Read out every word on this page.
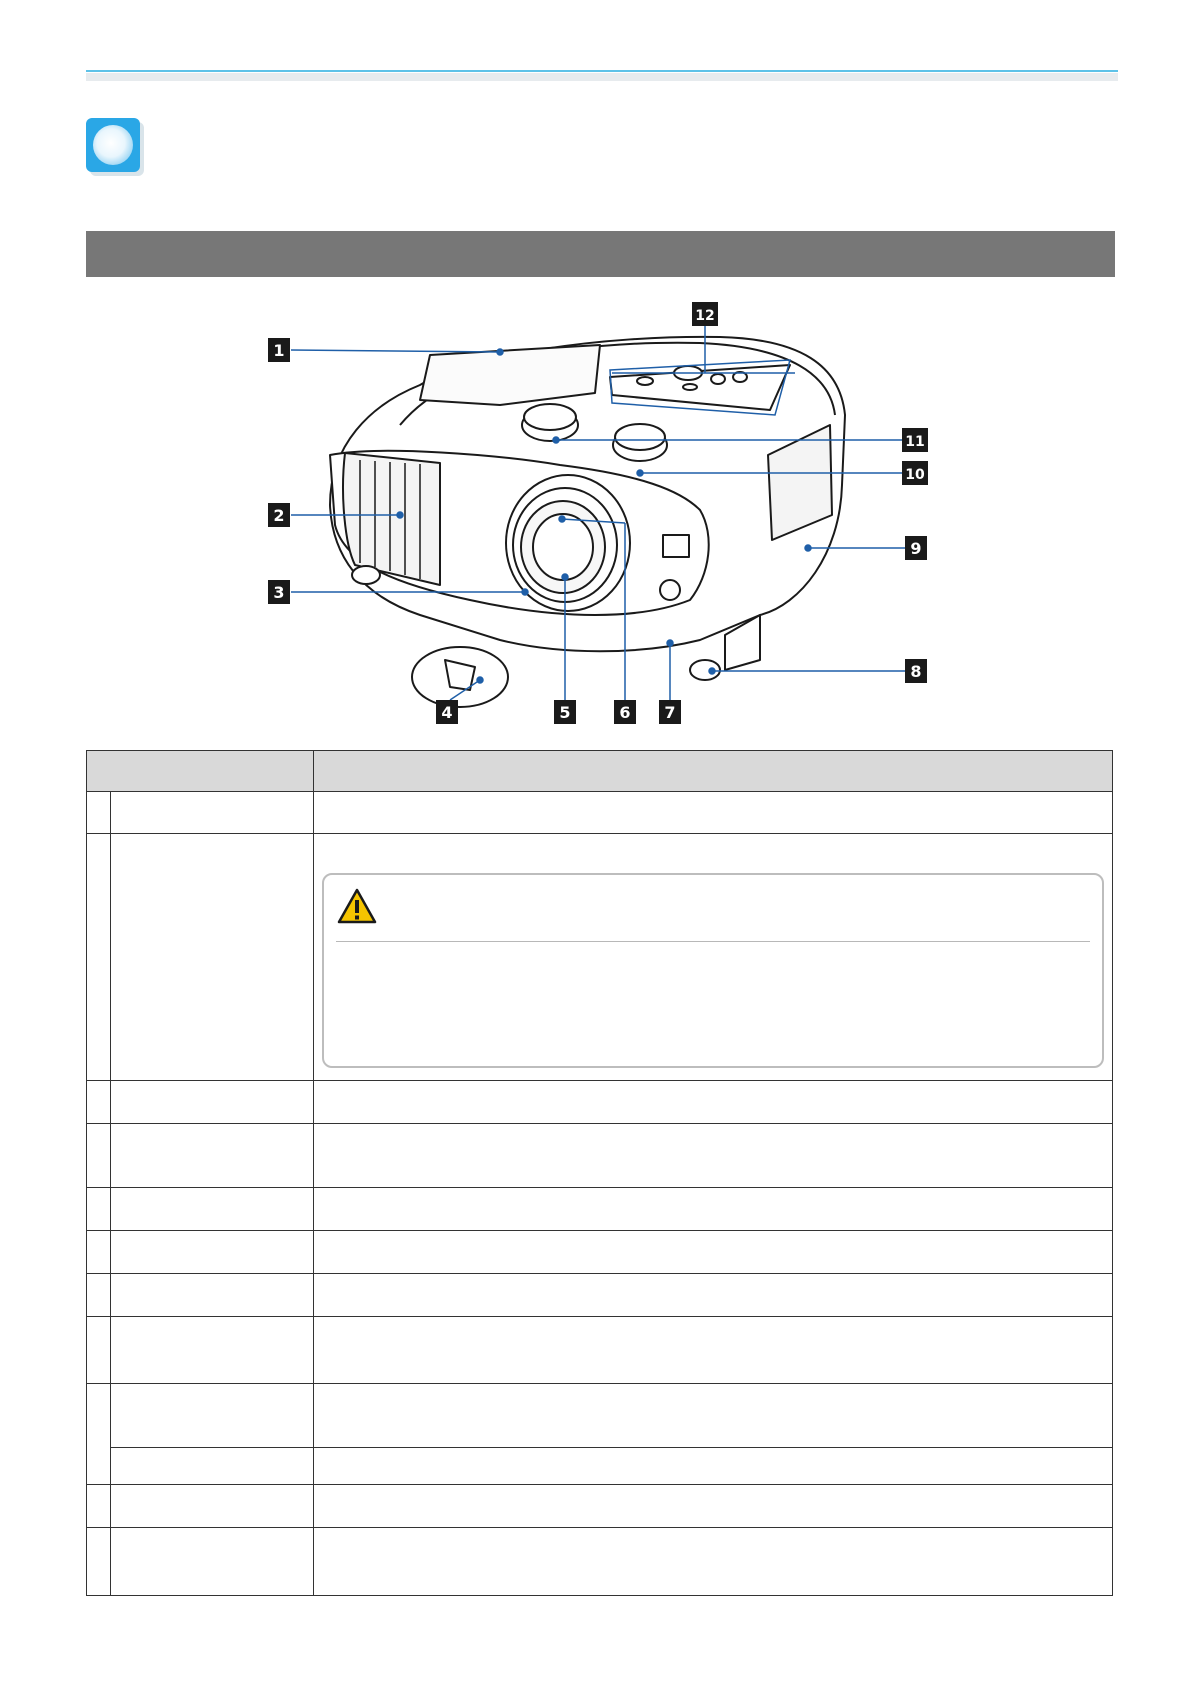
1
2
3
4	5	6 7
8
9
10
11
12
